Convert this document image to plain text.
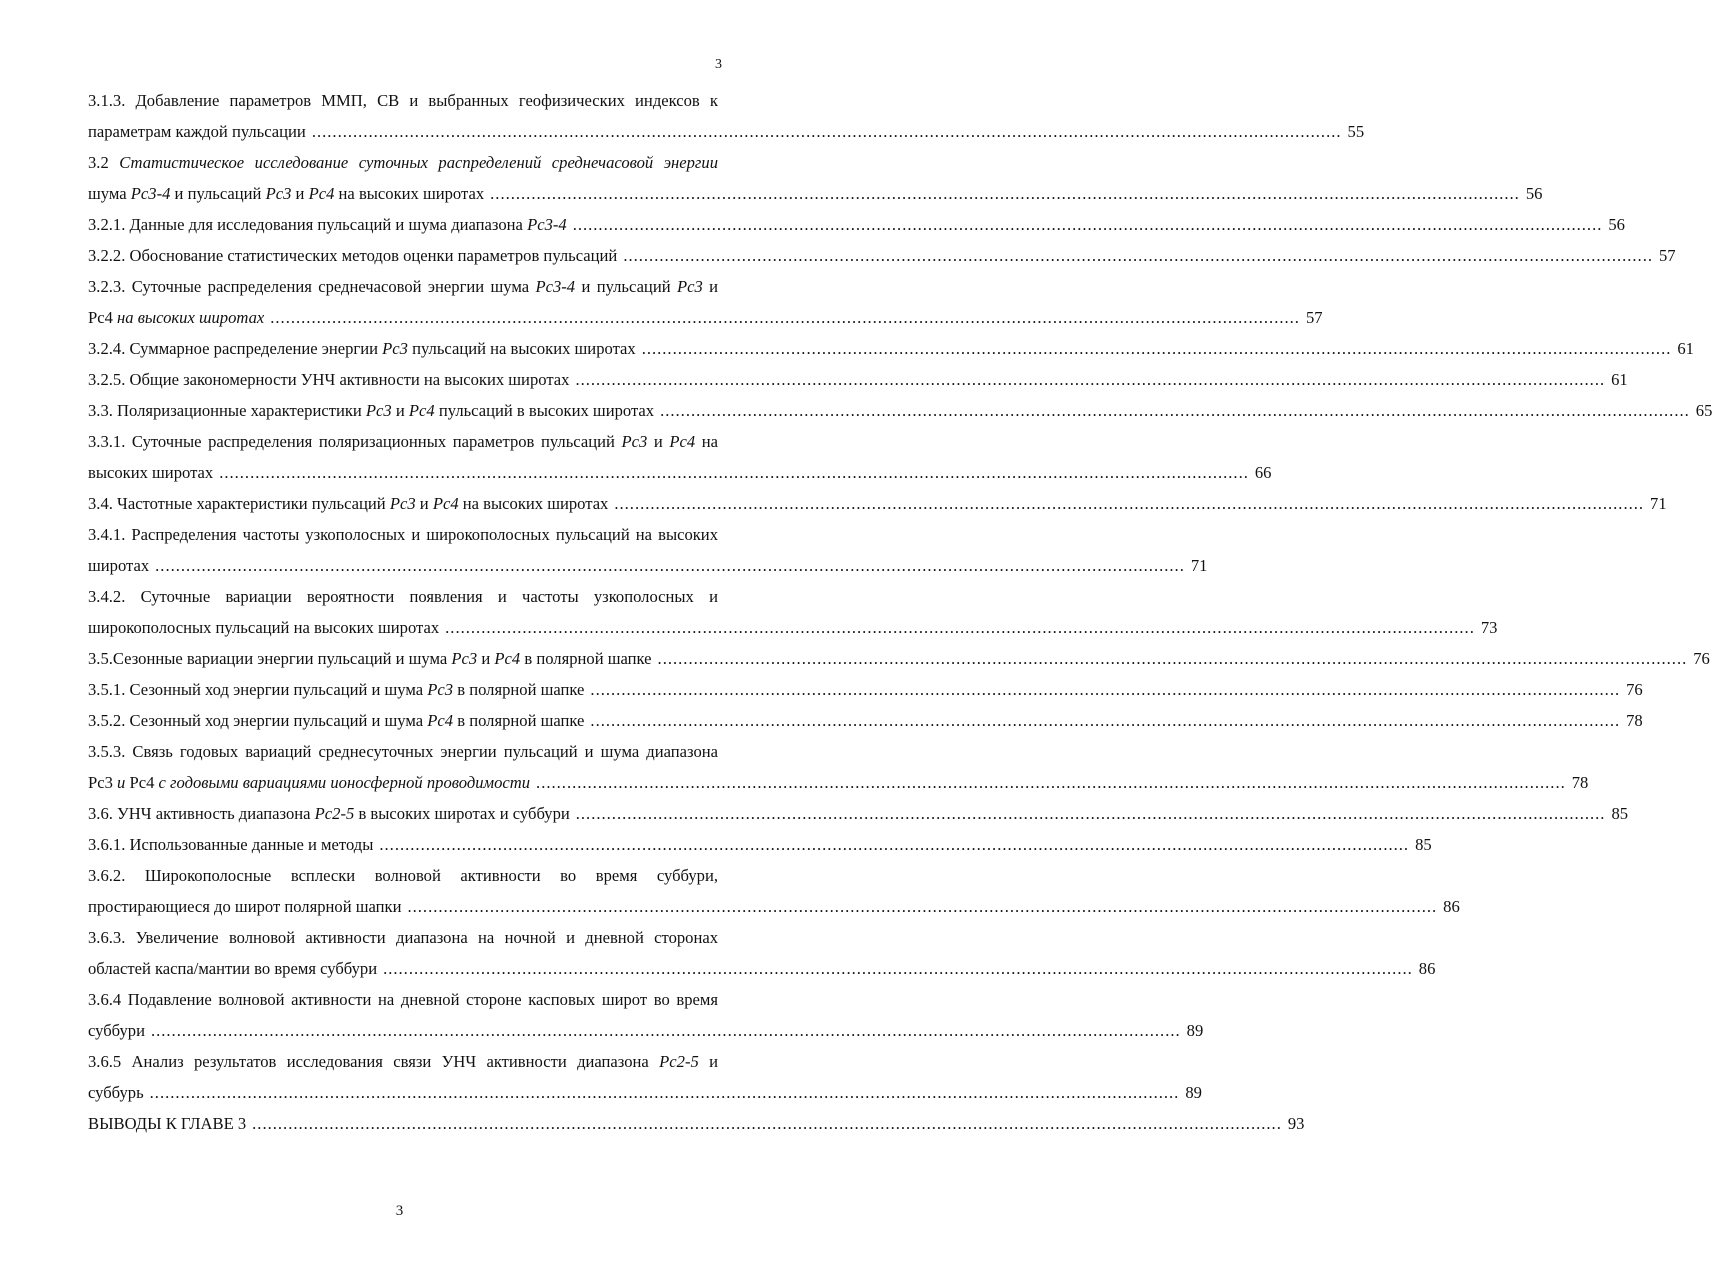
3
3.1.3. Добавление параметров ММП, СВ и выбранных геофизических индексов к
параметрам каждой пульсации ........................................................................................................................................................................................................ 55
3.2 Статистическое исследование суточных распределений среднечасовой энергии
шума Pc3-4 и пульсаций Pc3 и Pc4 на высоких широтах ........................................................................................................................................................................................................ 56
3.2.1. Данные для исследования пульсаций и шума диапазона Pc3-4 ........................................................................................................................................................................................................ 56
3.2.2. Обоснование статистических методов оценки параметров пульсаций ........................................................................................................................................................................................................ 57
3.2.3. Суточные распределения среднечасовой энергии шума Pc3-4 и пульсаций Pc3 и
Pc4 на высоких широтах ........................................................................................................................................................................................................ 57
3.2.4. Суммарное распределение энергии Pc3 пульсаций на высоких широтах ........................................................................................................................................................................................................ 61
3.2.5. Общие закономерности УНЧ активности на высоких широтах ........................................................................................................................................................................................................ 61
3.3. Поляризационные характеристики Pc3 и Pc4 пульсаций в высоких широтах ........................................................................................................................................................................................................ 65
3.3.1. Суточные распределения поляризационных параметров пульсаций Pc3 и Pc4 на
высоких широтах ........................................................................................................................................................................................................ 66
3.4. Частотные характеристики пульсаций Pc3 и Pc4 на высоких широтах ........................................................................................................................................................................................................ 71
3.4.1. Распределения частоты узкополосных и широкополосных пульсаций на высоких
широтах ........................................................................................................................................................................................................ 71
3.4.2. Суточные вариации вероятности появления и частоты узкополосных и
широкополосных пульсаций на высоких широтах ........................................................................................................................................................................................................ 73
3.5.Сезонные вариации энергии пульсаций и шума Pc3 и Pc4 в полярной шапке ........................................................................................................................................................................................................ 76
3.5.1. Сезонный ход энергии пульсаций и шума Pc3 в полярной шапке ........................................................................................................................................................................................................ 76
3.5.2. Сезонный ход энергии пульсаций и шума Pc4 в полярной шапке ........................................................................................................................................................................................................ 78
3.5.3. Связь годовых вариаций среднесуточных энергии пульсаций и шума диапазона
Pc3 и Pc4 с годовыми вариациями ионосферной проводимости ........................................................................................................................................................................................................ 78
3.6. УНЧ активность диапазона Pc2-5 в высоких широтах и суббури ........................................................................................................................................................................................................ 85
3.6.1. Использованные данные и методы ........................................................................................................................................................................................................ 85
3.6.2. Широкополосные всплески волновой активности во время суббури,
простирающиеся до широт полярной шапки ........................................................................................................................................................................................................ 86
3.6.3. Увеличение волновой активности диапазона на ночной и дневной сторонах
областей каспа/мантии во время суббури ........................................................................................................................................................................................................ 86
3.6.4 Подавление волновой активности на дневной стороне касповых широт во время
суббури ........................................................................................................................................................................................................ 89
3.6.5 Анализ результатов исследования связи УНЧ активности диапазона Pc2-5 и
суббурь ........................................................................................................................................................................................................ 89
ВЫВОДЫ К ГЛАВЕ 3 ........................................................................................................................................................................................................ 93
3
